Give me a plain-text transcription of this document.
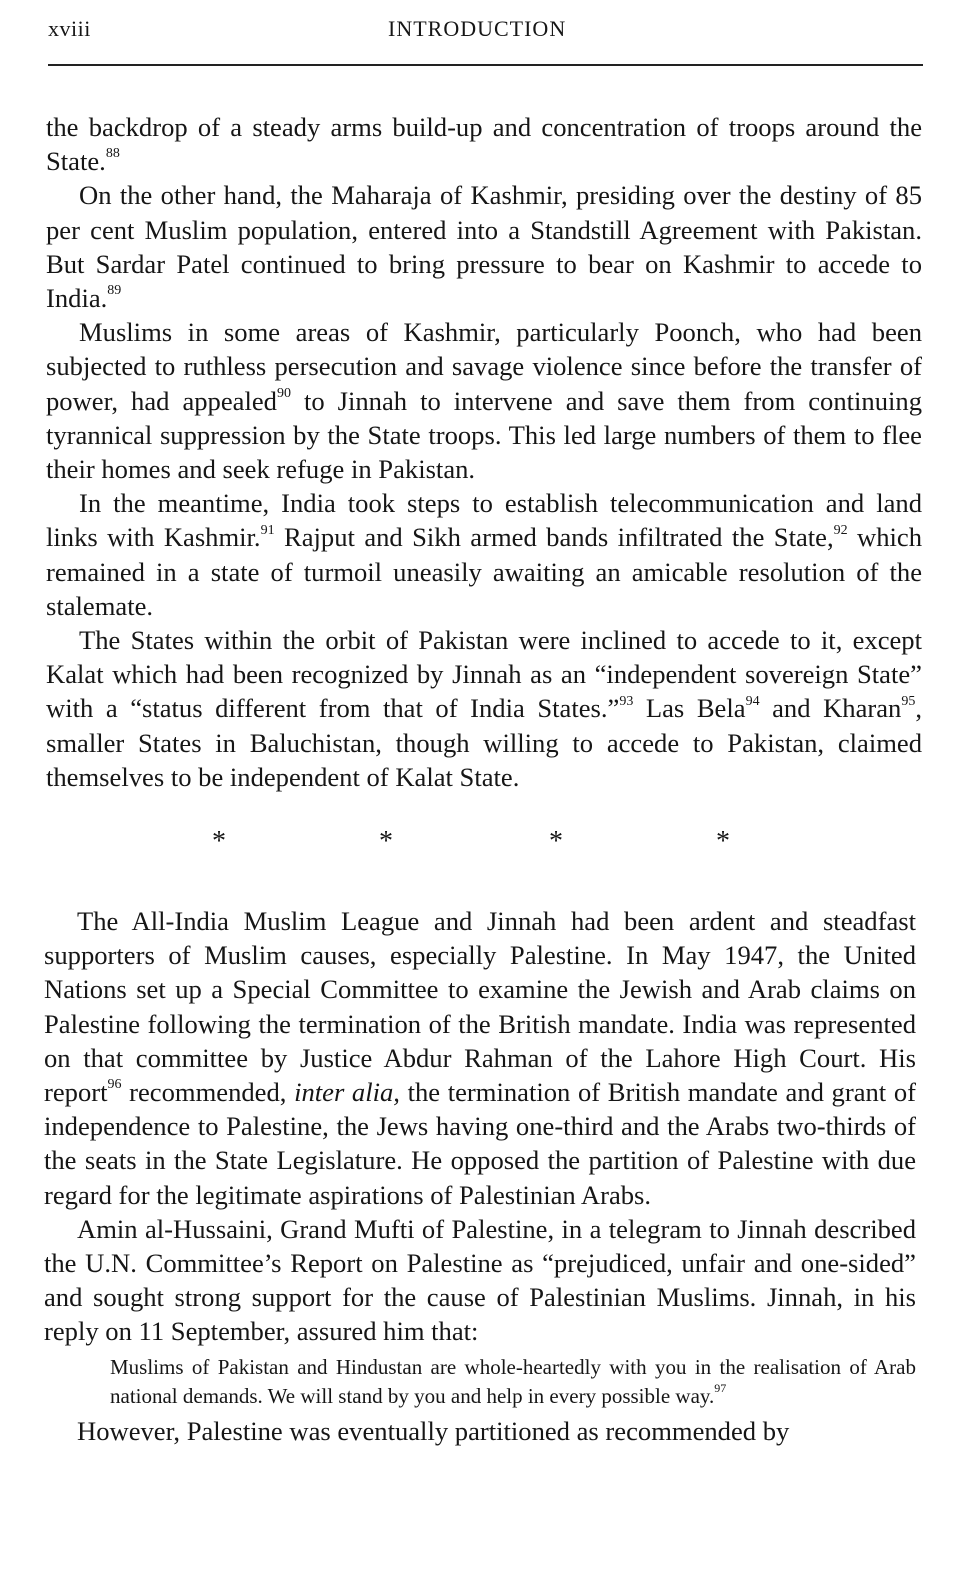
xviii	INTRODUCTION

the backdrop of a steady arms build-up and concentration of troops around the State.$^{88}$

On the other hand, the Maharaja of Kashmir, presiding over the destiny of 85 per cent Muslim population, entered into a Standstill Agreement with Pakistan. But Sardar Patel continued to bring pressure to bear on Kashmir to accede to India.$^{89}$

Muslims in some areas of Kashmir, particularly Poonch, who had been subjected to ruthless persecution and savage violence since before the transfer of power, had appealed$^{90}$ to Jinnah to intervene and save them from continuing tyrannical suppression by the State troops. This led large numbers of them to flee their homes and seek refuge in Pakistan.

In the meantime, India took steps to establish telecommunication and land links with Kashmir.$^{91}$ Rajput and Sikh armed bands infiltrated the State,$^{92}$ which remained in a state of turmoil uneasily awaiting an amicable resolution of the stalemate.

The States within the orbit of Pakistan were inclined to accede to it, except Kalat which had been recognized by Jinnah as an “independent sovereign State” with a “status different from that of India States.”$^{93}$ Las Bela$^{94}$ and Kharan$^{95}$, smaller States in Baluchistan, though willing to accede to Pakistan, claimed themselves to be independent of Kalat State.

*	*	*	*

The All-India Muslim League and Jinnah had been ardent and steadfast supporters of Muslim causes, especially Palestine. In May 1947, the United Nations set up a Special Committee to examine the Jewish and Arab claims on Palestine following the termination of the British mandate. India was represented on that committee by Justice Abdur Rahman of the Lahore High Court. His report$^{96}$ recommended, inter alia, the termination of British mandate and grant of independence to Palestine, the Jews having one-third and the Arabs two-thirds of the seats in the State Legislature. He opposed the partition of Palestine with due regard for the legitimate aspirations of Palestinian Arabs.

Amin al-Hussaini, Grand Mufti of Palestine, in a telegram to Jinnah described the U.N. Committee’s Report on Palestine as “prejudiced, unfair and one-sided” and sought strong support for the cause of Palestinian Muslims. Jinnah, in his reply on 11 September, assured him that:

Muslims of Pakistan and Hindustan are whole-heartedly with you in the realisation of Arab national demands. We will stand by you and help in every possible way.$^{97}$

However, Palestine was eventually partitioned as recommended by
